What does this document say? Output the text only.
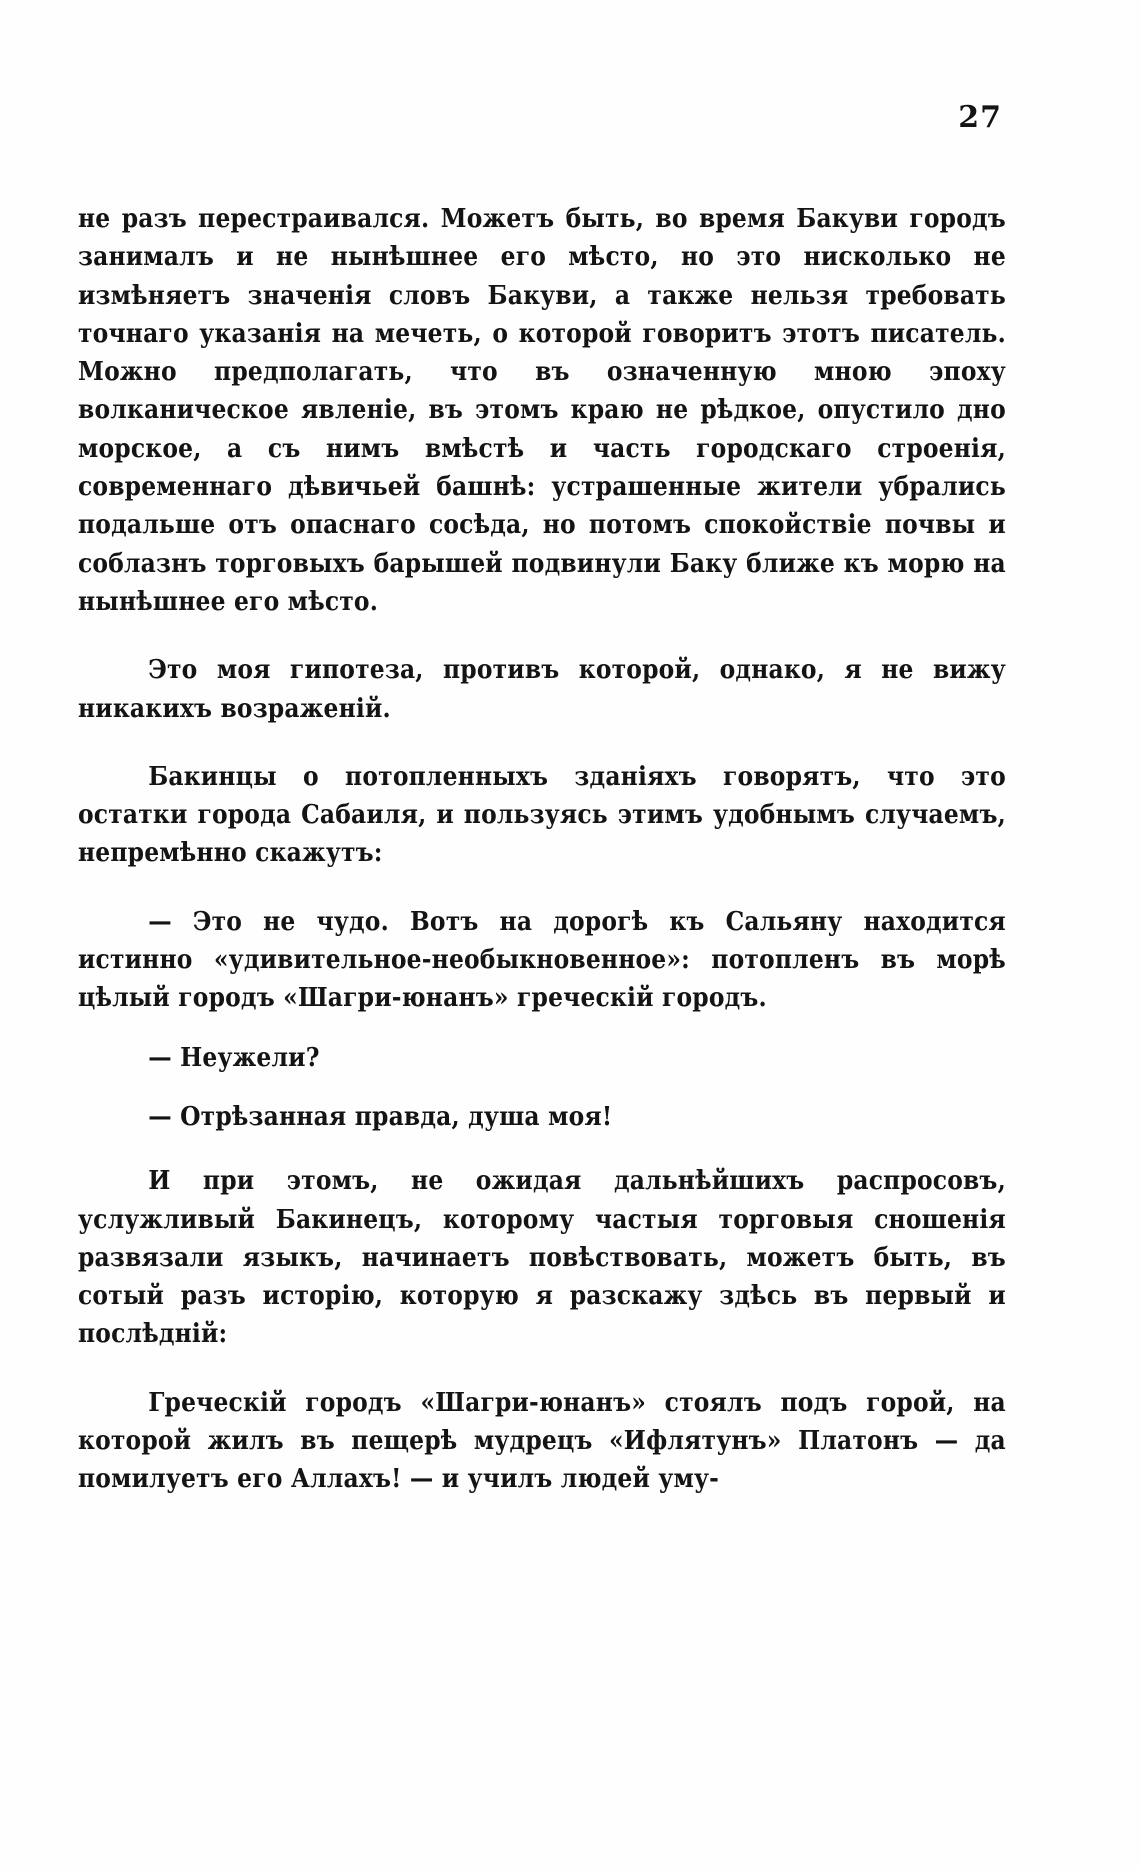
27

не разъ перестраивался. Можетъ быть, во время Бакуви городъ занималъ и не нынѣшнее его мѣсто, но это нисколько не измѣняетъ значенія словъ Бакуви, а также нельзя требовать точнаго указанія на мечеть, о которой говоритъ этотъ писатель. Можно предполагать, что въ означенную мною эпоху волканическое явленіе, въ этомъ краю не рѣдкое, опустило дно морское, а съ нимъ вмѣстѣ и часть городскаго строенія, современнаго дѣвичьей башнѣ: устрашенные жители убрались подальше отъ опаснаго сосѣда, но потомъ спокойствіе почвы и соблазнъ торговыхъ барышей подвинули Баку ближе къ морю на нынѣшнее его мѣсто.

Это моя гипотеза, противъ которой, однако, я не вижу никакихъ возраженій.

Бакинцы о потопленныхъ зданіяхъ говорятъ, что это остатки города Сабаиля, и пользуясь этимъ удобнымъ случаемъ, непремѣнно скажутъ:

— Это не чудо. Вотъ на дорогѣ къ Сальяну находится истинно «удивительное-необыкновенное»: потопленъ въ морѣ цѣлый городъ «Шагри-юнанъ» греческій городъ.

— Неужели?

— Отрѣзанная правда, душа моя!

И при этомъ, не ожидая дальнѣйшихъ распросовъ, услужливый Бакинецъ, которому частыя торговыя сношенія развязали языкъ, начинаетъ повѣствовать, можетъ быть, въ сотый разъ исторію, которую я разскажу здѣсь въ первый и послѣдній:

Греческій городъ «Шагри-юнанъ» стоялъ подъ горой, на которой жилъ въ пещерѣ мудрецъ «Ифлятунъ» Платонъ — да помилуетъ его Аллахъ! — и училъ людей уму-
